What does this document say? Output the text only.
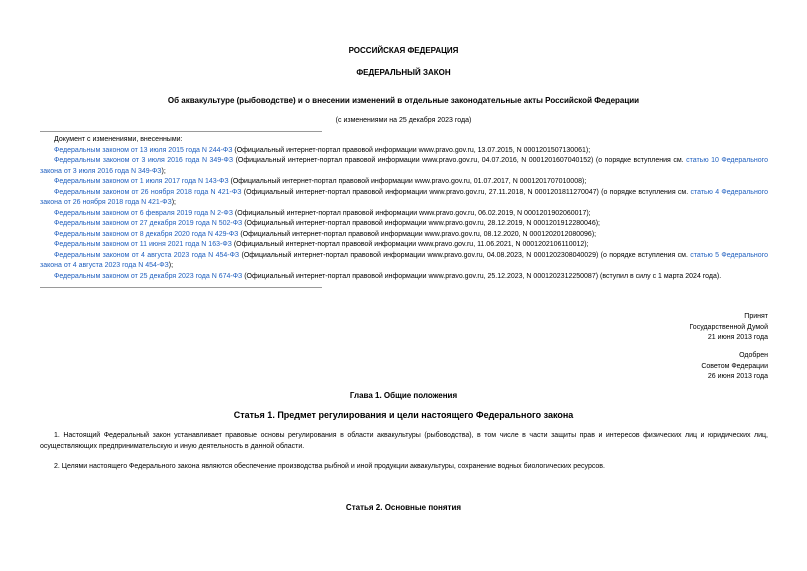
РОССИЙСКАЯ ФЕДЕРАЦИЯ
ФЕДЕРАЛЬНЫЙ ЗАКОН
Об аквакультуре (рыбоводстве) и о внесении изменений в отдельные законодательные акты Российской Федерации
(с изменениями на 25 декабря 2023 года)
Документ с изменениями, внесенными:

Федеральным законом от 13 июля 2015 года N 244-ФЗ (Официальный интернет-портал правовой информации www.pravo.gov.ru, 13.07.2015, N 0001201507130061);

Федеральным законом от 3 июля 2016 года N 349-ФЗ (Официальный интернет-портал правовой информации www.pravo.gov.ru, 04.07.2016, N 0001201607040152) (о порядке вступления см. статью 10 Федерального закона от 3 июля 2016 года N 349-ФЗ);

Федеральным законом от 1 июля 2017 года N 143-ФЗ (Официальный интернет-портал правовой информации www.pravo.gov.ru, 01.07.2017, N 0001201707010008);

Федеральным законом от 26 ноября 2018 года N 421-ФЗ (Официальный интернет-портал правовой информации www.pravo.gov.ru, 27.11.2018, N 0001201811270047) (о порядке вступления см. статью 4 Федерального закона от 26 ноября 2018 года N 421-ФЗ);

Федеральным законом от 6 февраля 2019 года N 2-ФЗ (Официальный интернет-портал правовой информации www.pravo.gov.ru, 06.02.2019, N 0001201902060017);

Федеральным законом от 27 декабря 2019 года N 502-ФЗ (Официальный интернет-портал правовой информации www.pravo.gov.ru, 28.12.2019, N 0001201912280046);

Федеральным законом от 8 декабря 2020 года N 429-ФЗ (Официальный интернет-портал правовой информации www.pravo.gov.ru, 08.12.2020, N 0001202012080096);

Федеральным законом от 11 июня 2021 года N 163-ФЗ (Официальный интернет-портал правовой информации www.pravo.gov.ru, 11.06.2021, N 0001202106110012);

Федеральным законом от 4 августа 2023 года N 454-ФЗ (Официальный интернет-портал правовой информации www.pravo.gov.ru, 04.08.2023, N 0001202308040029) (о порядке вступления см. статью 5 Федерального закона от 4 августа 2023 года N 454-ФЗ);

Федеральным законом от 25 декабря 2023 года N 674-ФЗ (Официальный интернет-портал правовой информации www.pravo.gov.ru, 25.12.2023, N 0001202312250087) (вступил в силу с 1 марта 2024 года).

Принят
Государственной Думой
21 июня 2013 года
Одобрен
Советом Федерации
26 июня 2013 года
Глава 1. Общие положения
Статья 1. Предмет регулирования и цели настоящего Федерального закона
1. Настоящий Федеральный закон устанавливает правовые основы регулирования в области аквакультуры (рыбоводства), в том числе в части защиты прав и интересов физических лиц и юридических лиц, осуществляющих предпринимательскую и иную деятельность в данной области.
2. Целями настоящего Федерального закона являются обеспечение производства рыбной и иной продукции аквакультуры, сохранение водных биологических ресурсов.
Статья 2. Основные понятия
